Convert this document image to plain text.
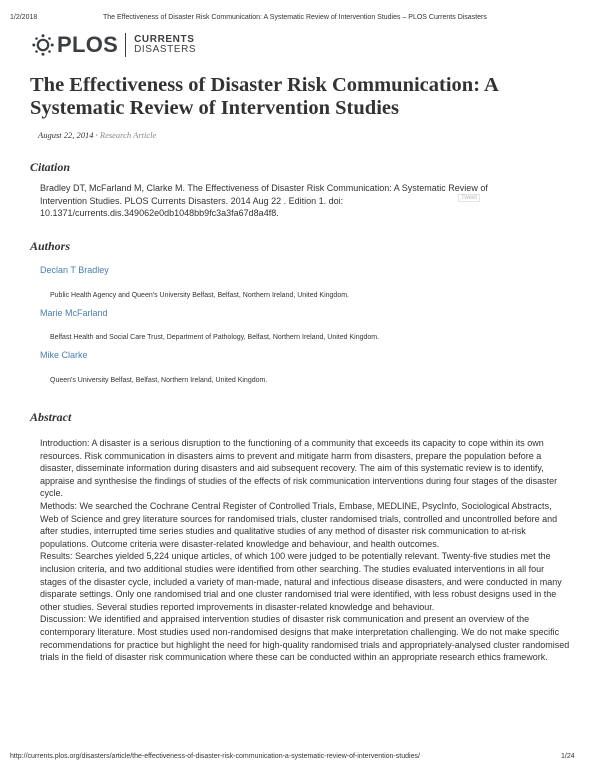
1/2/2018	The Effectiveness of Disaster Risk Communication: A Systematic Review of Intervention Studies – PLOS Currents Disasters
PLOS CURRENTS
DISASTERS
The Effectiveness of Disaster Risk Communication: A Systematic Review of Intervention Studies
August 22, 2014 · Research Article
Citation
Bradley DT, McFarland M, Clarke M. The Effectiveness of Disaster Risk Communication: A Systematic Review of Intervention Studies. PLOS Currents Disasters. 2014 Aug 22 . Edition 1. doi: 10.1371/currents.dis.349062e0db1048bb9fc3a3fa67d8a4f8.
Tweet
Authors
Declan T Bradley
Public Health Agency and Queen's University Belfast, Belfast, Northern Ireland, United Kingdom.
Marie McFarland
Belfast Health and Social Care Trust, Department of Pathology, Belfast, Northern Ireland, United Kingdom.
Mike Clarke
Queen's University Belfast, Belfast, Northern Ireland, United Kingdom.
Abstract

Introduction: A disaster is a serious disruption to the functioning of a community that exceeds its capacity to cope within its own resources. Risk communication in disasters aims to prevent and mitigate harm from disasters, prepare the population before a disaster, disseminate information during disasters and aid subsequent recovery. The aim of this systematic review is to identify, appraise and synthesise the findings of studies of the effects of risk communication interventions during four stages of the disaster cycle.

Methods: We searched the Cochrane Central Register of Controlled Trials, Embase, MEDLINE, PsycInfo, Sociological Abstracts, Web of Science and grey literature sources for randomised trials, cluster randomised trials, controlled and uncontrolled before and after studies, interrupted time series studies and qualitative studies of any method of disaster risk communication to at-risk populations. Outcome criteria were disaster-related knowledge and behaviour, and health outcomes.

Results: Searches yielded 5,224 unique articles, of which 100 were judged to be potentially relevant. Twenty-five studies met the inclusion criteria, and two additional studies were identified from other searching. The studies evaluated interventions in all four stages of the disaster cycle, included a variety of man-made, natural and infectious disease disasters, and were conducted in many disparate settings. Only one randomised trial and one cluster randomised trial were identified, with less robust designs used in the other studies. Several studies reported improvements in disaster-related knowledge and behaviour.

Discussion: We identified and appraised intervention studies of disaster risk communication and present an overview of the contemporary literature. Most studies used non-randomised designs that make interpretation challenging. We do not make specific recommendations for practice but highlight the need for high-quality randomised trials and appropriately-analysed cluster randomised trials in the field of disaster risk communication where these can be conducted within an appropriate research ethics framework.

http://currents.plos.org/disasters/article/the-effectiveness-of-disaster-risk-communication-a-systematic-review-of-intervention-studies/	1/24
